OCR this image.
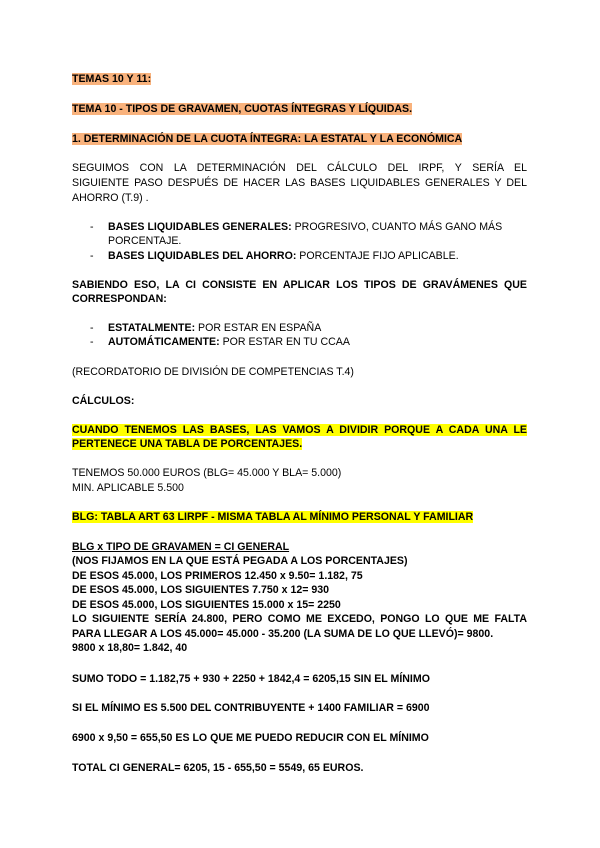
TEMAS 10 Y 11:
TEMA 10 - TIPOS DE GRAVAMEN, CUOTAS ÍNTEGRAS Y LÍQUIDAS.
1. DETERMINACIÓN DE LA CUOTA ÍNTEGRA: LA ESTATAL Y LA ECONÓMICA
SEGUIMOS CON LA DETERMINACIÓN DEL CÁLCULO DEL IRPF, Y SERÍA EL
SIGUIENTE PASO DESPUÉS DE HACER LAS BASES LIQUIDABLES GENERALES Y DEL
AHORRO (T.9) .
- BASES LIQUIDABLES GENERALES: PROGRESIVO, CUANTO MÁS GANO MÁS
PORCENTAJE.
- BASES LIQUIDABLES DEL AHORRO: PORCENTAJE FIJO APLICABLE.
SABIENDO ESO, LA CI CONSISTE EN APLICAR LOS TIPOS DE GRAVÁMENES QUE
CORRESPONDAN:
- ESTATALMENTE: POR ESTAR EN ESPAÑA
- AUTOMÁTICAMENTE: POR ESTAR EN TU CCAA
(RECORDATORIO DE DIVISIÓN DE COMPETENCIAS T.4)
CÁLCULOS:
CUANDO TENEMOS LAS BASES, LAS VAMOS A DIVIDIR PORQUE A CADA UNA LE
PERTENECE UNA TABLA DE PORCENTAJES.
TENEMOS 50.000 EUROS (BLG= 45.000 Y BLA= 5.000)
MIN. APLICABLE 5.500
BLG: TABLA ART 63 LIRPF - MISMA TABLA AL MÍNIMO PERSONAL Y FAMILIAR
BLG x TIPO DE GRAVAMEN = CI GENERAL
(NOS FIJAMOS EN LA QUE ESTÁ PEGADA A LOS PORCENTAJES)
DE ESOS 45.000, LOS PRIMEROS 12.450 x 9.50= 1.182, 75
DE ESOS 45.000, LOS SIGUIENTES 7.750 x 12= 930
DE ESOS 45.000, LOS SIGUIENTES 15.000 x 15= 2250
LO SIGUIENTE SERÍA 24.800, PERO COMO ME EXCEDO, PONGO LO QUE ME FALTA
PARA LLEGAR A LOS 45.000= 45.000 - 35.200 (LA SUMA DE LO QUE LLEVÓ)= 9800.
9800 x 18,80= 1.842, 40
SUMO TODO = 1.182,75 + 930 + 2250 + 1842,4 = 6205,15 SIN EL MÍNIMO
SI EL MÍNIMO ES 5.500 DEL CONTRIBUYENTE + 1400 FAMILIAR = 6900
6900 x 9,50 = 655,50 ES LO QUE ME PUEDO REDUCIR CON EL MÍNIMO
TOTAL CI GENERAL= 6205, 15 - 655,50 = 5549, 65 EUROS.
